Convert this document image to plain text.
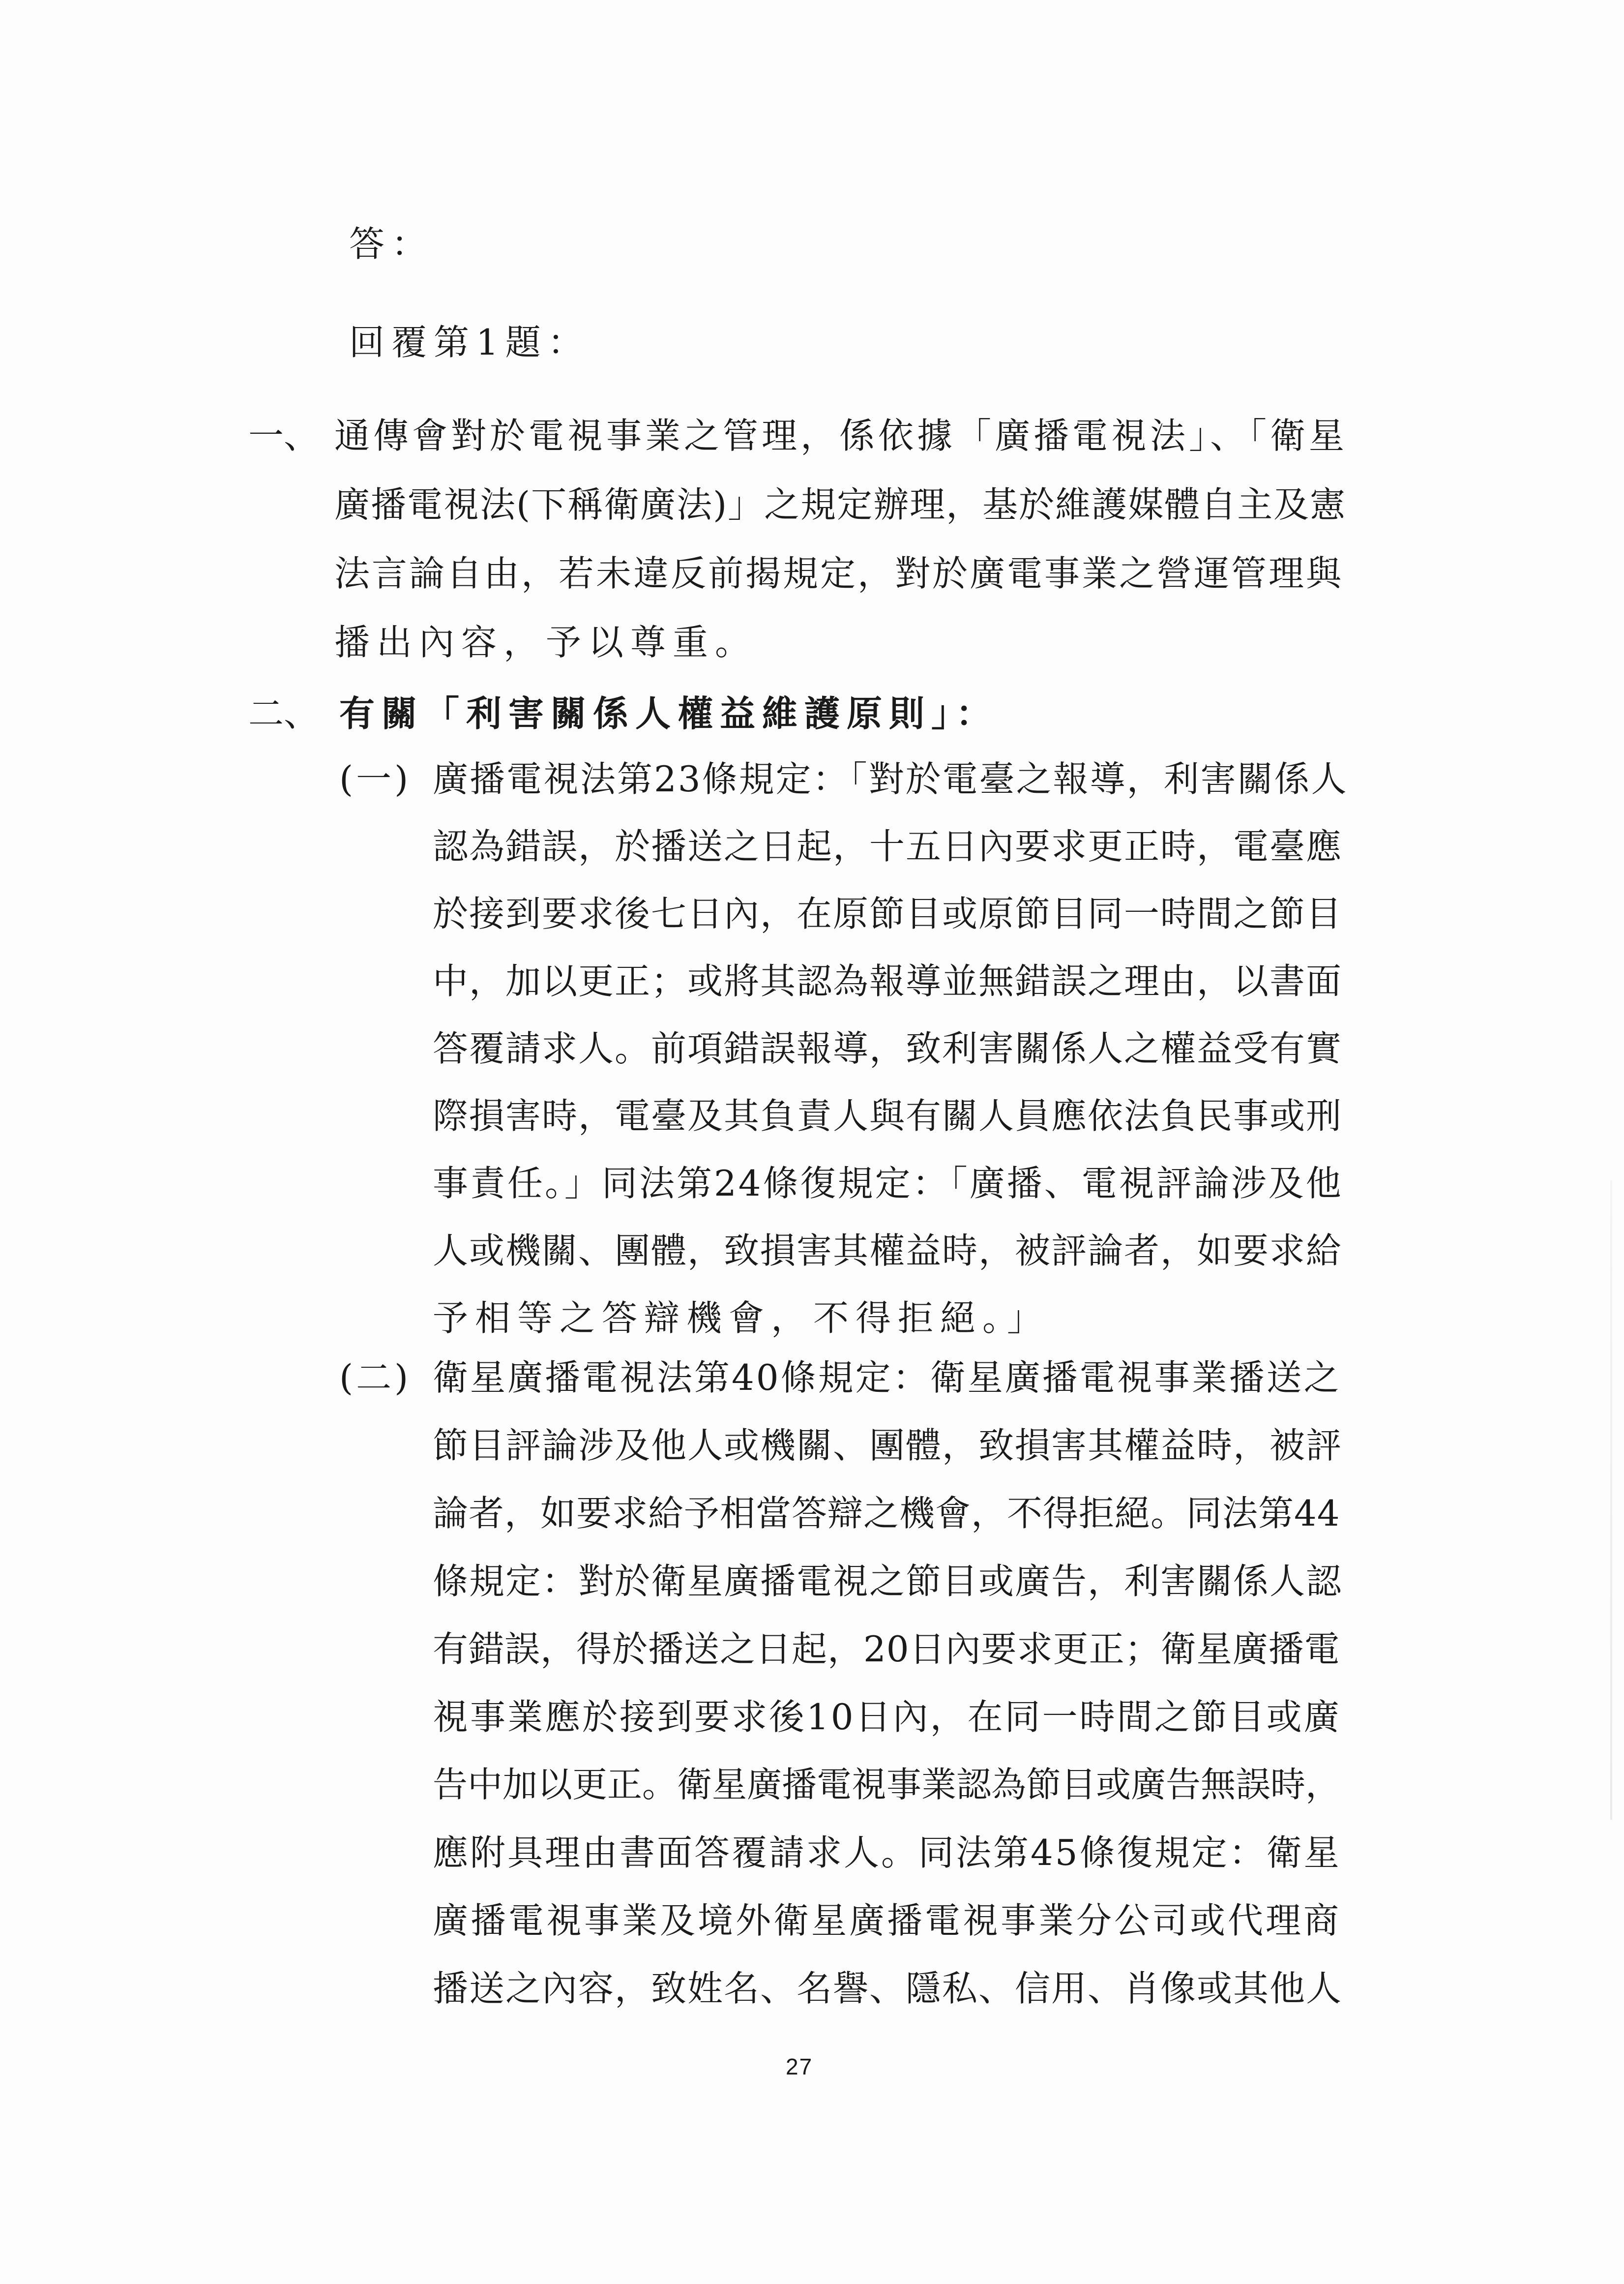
答：
回覆第1題：
一、 通傳會對於電視事業之管理，係依據「廣播電視法」、「衛星
廣播電視法(下稱衛廣法)」之規定辦理，基於維護媒體自主及憲
法言論自由，若未違反前揭規定，對於廣電事業之營運管理與
播出內容，予以尊重。
二、 有關「利害關係人權益維護原則」：
(一) 廣播電視法第23條規定：「對於電臺之報導，利害關係人
認為錯誤，於播送之日起，十五日內要求更正時，電臺應
於接到要求後七日內，在原節目或原節目同一時間之節目
中，加以更正；或將其認為報導並無錯誤之理由，以書面
答覆請求人。前項錯誤報導，致利害關係人之權益受有實
際損害時，電臺及其負責人與有關人員應依法負民事或刑
事責任。」同法第24條復規定：「廣播、電視評論涉及他
人或機關、團體，致損害其權益時，被評論者，如要求給
予相等之答辯機會，不得拒絕。」
(二) 衛星廣播電視法第40條規定：衛星廣播電視事業播送之
節目評論涉及他人或機關、團體，致損害其權益時，被評
論者，如要求給予相當答辯之機會，不得拒絕。同法第44
條規定：對於衛星廣播電視之節目或廣告，利害關係人認
有錯誤，得於播送之日起，20日內要求更正；衛星廣播電
視事業應於接到要求後10日內，在同一時間之節目或廣
告中加以更正。衛星廣播電視事業認為節目或廣告無誤時，
應附具理由書面答覆請求人。同法第45條復規定：衛星
廣播電視事業及境外衛星廣播電視事業分公司或代理商
播送之內容，致姓名、名譽、隱私、信用、肖像或其他人
27
